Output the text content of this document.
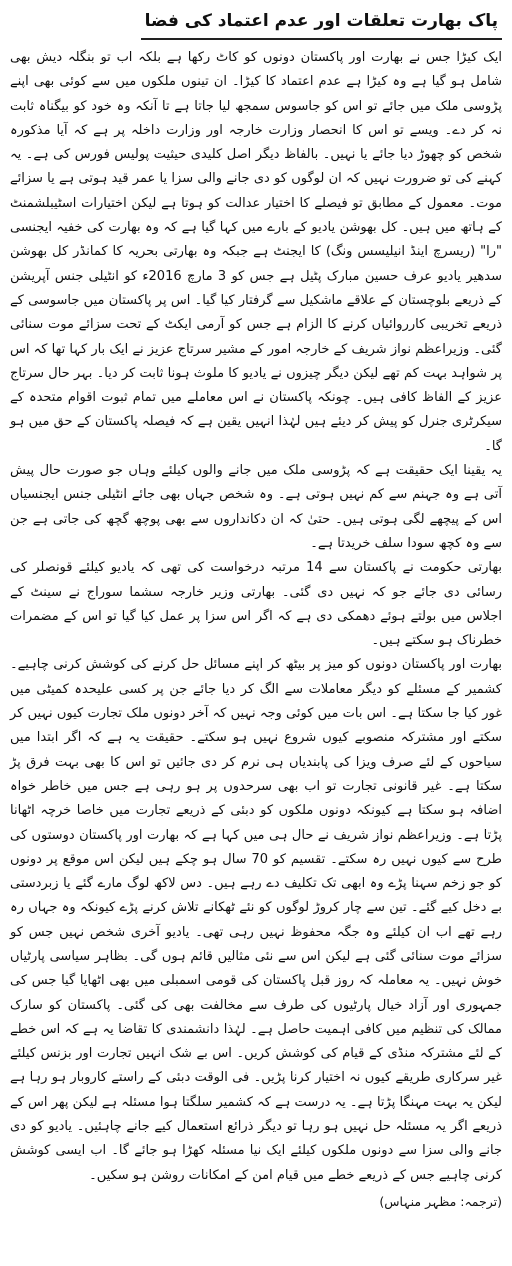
پاک بھارت تعلقات اور عدم اعتماد کی فضا

ایک کیڑا جس نے بھارت اور پاکستان دونوں کو کاٹ رکھا ہے بلکہ اب تو بنگلہ دیش بھی شامل ہو گیا ہے وہ کیڑا ہے عدم اعتماد کا کیڑا۔ ان تینوں ملکوں میں سے کوئی بھی اپنے پڑوسی ملک میں جائے تو اس کو جاسوس سمجھ لیا جاتا ہے تا آنکہ وہ خود کو بیگناہ ثابت نہ کر دے۔ ویسے تو اس کا انحصار وزارت خارجہ اور وزارت داخلہ پر ہے کہ آیا مذکورہ شخص کو چھوڑ دیا جائے یا نہیں۔ بالفاظ دیگر اصل کلیدی حیثیت پولیس فورس کی ہے۔ یہ کہنے کی تو ضرورت نہیں کہ ان لوگوں کو دی جانے والی سزا یا عمر قید ہوتی ہے یا سزائے موت۔ معمول کے مطابق تو فیصلے کا اختیار عدالت کو ہوتا ہے لیکن اختیارات اسٹیبلشمنٹ کے ہاتھ میں ہیں۔ کل بھوشن یادیو کے بارے میں کہا گیا ہے کہ وہ بھارت کی خفیہ ایجنسی "را" (ریسرچ اینڈ انیلیسس ونگ) کا ایجنٹ ہے جبکہ وہ بھارتی بحریہ کا کمانڈر کل بھوشن سدھیر یادیو عرف حسین مبارک پٹیل ہے جس کو 3 مارچ 2016ء کو انٹیلی جنس آپریشن کے ذریعے بلوچستان کے علاقے ماشکیل سے گرفتار کیا گیا۔ اس پر پاکستان میں جاسوسی کے ذریعے تخریبی کارروائیاں کرنے کا الزام ہے جس کو آرمی ایکٹ کے تحت سزائے موت سنائی گئی۔ وزیراعظم نواز شریف کے خارجہ امور کے مشیر سرتاج عزیز نے ایک بار کہا تھا کہ اس پر شواہد بہت کم تھے لیکن دیگر چیزوں نے یادیو کا ملوث ہونا ثابت کر دیا۔ بہر حال سرتاج عزیز کے الفاظ کافی ہیں۔ چونکہ پاکستان نے اس معاملے میں تمام ثبوت اقوام متحدہ کے سیکرٹری جنرل کو پیش کر دیئے ہیں لہٰذا انہیں یقین ہے کہ فیصلہ پاکستان کے حق میں ہو گا۔

یہ یقینا ایک حقیقت ہے کہ پڑوسی ملک میں جانے والوں کیلئے وہاں جو صورت حال پیش آتی ہے وہ جہنم سے کم نہیں ہوتی ہے۔ وہ شخص جہاں بھی جائے انٹیلی جنس ایجنسیاں اس کے پیچھے لگی ہوتی ہیں۔ حتیٰ کہ ان دکانداروں سے بھی پوچھ گچھ کی جاتی ہے جن سے وہ کچھ سودا سلف خریدتا ہے۔

بھارتی حکومت نے پاکستان سے 14 مرتبہ درخواست کی تھی کہ یادیو کیلئے قونصلر کی رسائی دی جائے جو کہ نہیں دی گئی۔ بھارتی وزیر خارجہ سشما سوراج نے سینٹ کے اجلاس میں بولتے ہوئے دھمکی دی ہے کہ اگر اس سزا پر عمل کیا گیا تو اس کے مضمرات خطرناک ہو سکتے ہیں۔

بھارت اور پاکستان دونوں کو میز پر بیٹھ کر اپنے مسائل حل کرنے کی کوشش کرنی چاہیے۔ کشمیر کے مسئلے کو دیگر معاملات سے الگ کر دیا جائے جن پر کسی علیحدہ کمیٹی میں غور کیا جا سکتا ہے۔ اس بات میں کوئی وجہ نہیں کہ آخر دونوں ملک تجارت کیوں نہیں کر سکتے اور مشترکہ منصوبے کیوں شروع نہیں ہو سکتے۔ حقیقت یہ ہے کہ اگر ابتدا میں سیاحوں کے لئے صرف ویزا کی پابندیاں ہی نرم کر دی جائیں تو اس کا بھی بہت فرق پڑ سکتا ہے۔ غیر قانونی تجارت تو اب بھی سرحدوں پر ہو رہی ہے جس میں خاطر خواہ اضافہ ہو سکتا ہے کیونکہ دونوں ملکوں کو دبئی کے ذریعے تجارت میں خاصا خرچہ اٹھانا پڑتا ہے۔ وزیراعظم نواز شریف نے حال ہی میں کہا ہے کہ بھارت اور پاکستان دوستوں کی طرح سے کیوں نہیں رہ سکتے۔ تقسیم کو 70 سال ہو چکے ہیں لیکن اس موقع پر دونوں کو جو زخم سہنا پڑے وہ ابھی تک تکلیف دے رہے ہیں۔ دس لاکھ لوگ مارے گئے یا زبردستی بے دخل کیے گئے۔ تین سے چار کروڑ لوگوں کو نئے ٹھکانے تلاش کرنے پڑے کیونکہ وہ جہاں رہ رہے تھے اب ان کیلئے وہ جگہ محفوظ نہیں رہی تھی۔ یادیو آخری شخص نہیں جس کو سزائے موت سنائی گئی ہے لیکن اس سے نئی مثالیں قائم ہوں گی۔ بظاہر سیاسی پارٹیاں خوش نہیں۔ یہ معاملہ کہ روز قبل پاکستان کی قومی اسمبلی میں بھی اٹھایا گیا جس کی جمہوری اور آزاد خیال پارٹیوں کی طرف سے مخالفت بھی کی گئی۔ پاکستان کو سارک ممالک کی تنظیم میں کافی اہمیت حاصل ہے۔ لہٰذا دانشمندی کا تقاضا یہ ہے کہ اس خطے کے لئے مشترکہ منڈی کے قیام کی کوشش کریں۔ اس بے شک انہیں تجارت اور بزنس کیلئے غیر سرکاری طریقے کیوں نہ اختیار کرنا پڑیں۔ فی الوقت دبئی کے راستے کاروبار ہو رہا ہے لیکن یہ بہت مہنگا پڑتا ہے۔ یہ درست ہے کہ کشمیر سلگتا ہوا مسئلہ ہے لیکن پھر اس کے ذریعے اگر یہ مسئلہ حل نہیں ہو رہا تو دیگر ذرائع استعمال کیے جانے چاہئیں۔ یادیو کو دی جانے والی سزا سے دونوں ملکوں کیلئے ایک نیا مسئلہ کھڑا ہو جائے گا۔ اب ایسی کوشش کرنی چاہیے جس کے ذریعے خطے میں قیام امن کے امکانات روشن ہو سکیں۔

(ترجمہ: مظہر منہاس)
